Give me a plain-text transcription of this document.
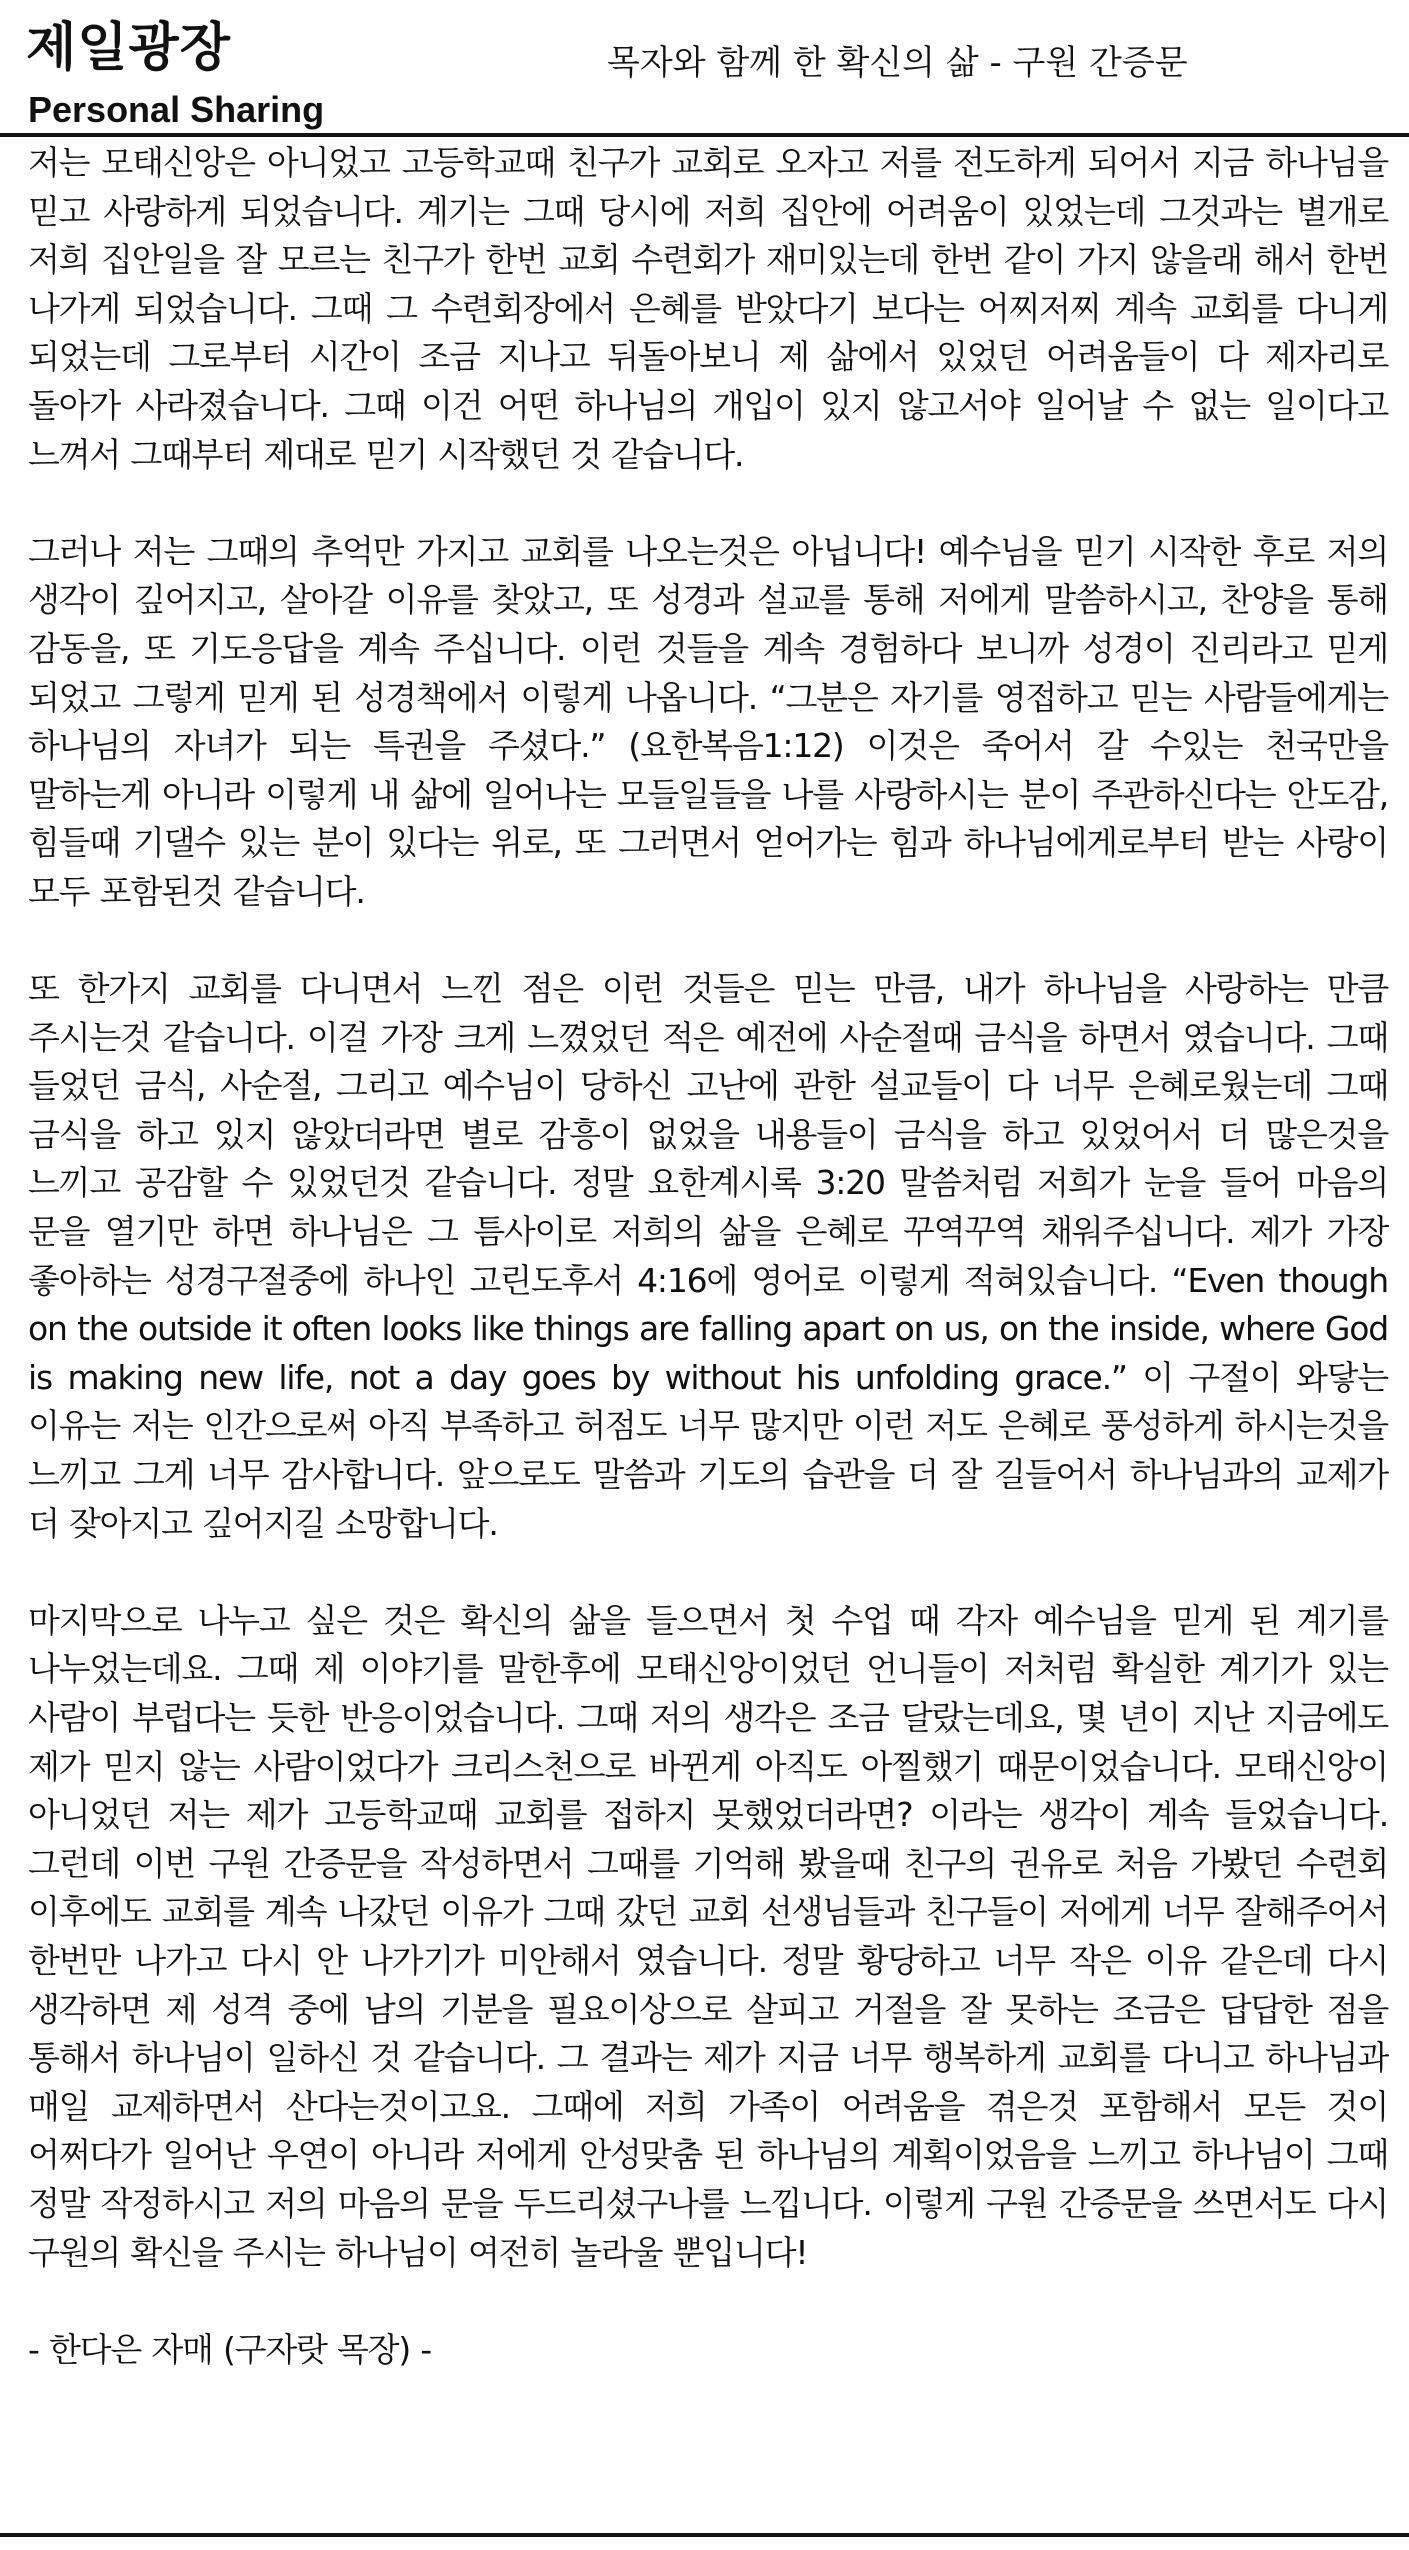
제일광장
Personal Sharing
목자와 함께 한 확신의 삶 - 구원 간증문

저는 모태신앙은 아니었고 고등학교때 친구가 교회로 오자고 저를 전도하게 되어서 지금 하나님을 믿고 사랑하게 되었습니다. 계기는 그때 당시에 저희 집안에 어려움이 있었는데 그것과는 별개로 저희 집안일을 잘 모르는 친구가 한번 교회 수련회가 재미있는데 한번 같이 가지 않을래 해서 한번 나가게 되었습니다. 그때 그 수련회장에서 은혜를 받았다기 보다는 어찌저찌 계속 교회를 다니게 되었는데 그로부터 시간이 조금 지나고 뒤돌아보니 제 삶에서 있었던 어려움들이 다 제자리로 돌아가 사라졌습니다. 그때 이건 어떤 하나님의 개입이 있지 않고서야 일어날 수 없는 일이다고 느껴서 그때부터 제대로 믿기 시작했던 것 같습니다.

그러나 저는 그때의 추억만 가지고 교회를 나오는것은 아닙니다! 예수님을 믿기 시작한 후로 저의 생각이 깊어지고, 살아갈 이유를 찾았고, 또 성경과 설교를 통해 저에게 말씀하시고, 찬양을 통해 감동을, 또 기도응답을 계속 주십니다. 이런 것들을 계속 경험하다 보니까 성경이 진리라고 믿게 되었고 그렇게 믿게 된 성경책에서 이렇게 나옵니다. “그분은 자기를 영접하고 믿는 사람들에게는 하나님의 자녀가 되는 특권을 주셨다.” (요한복음1:12) 이것은 죽어서 갈 수있는 천국만을 말하는게 아니라 이렇게 내 삶에 일어나는 모들일들을 나를 사랑하시는 분이 주관하신다는 안도감, 힘들때 기댈수 있는 분이 있다는 위로, 또 그러면서 얻어가는 힘과 하나님에게로부터 받는 사랑이 모두 포함된것 같습니다.

또 한가지 교회를 다니면서 느낀 점은 이런 것들은 믿는 만큼, 내가 하나님을 사랑하는 만큼 주시는것 같습니다. 이걸 가장 크게 느꼈었던 적은 예전에 사순절때 금식을 하면서 였습니다. 그때 들었던 금식, 사순절, 그리고 예수님이 당하신 고난에 관한 설교들이 다 너무 은혜로웠는데 그때 금식을 하고 있지 않았더라면 별로 감흥이 없었을 내용들이 금식을 하고 있었어서 더 많은것을 느끼고 공감할 수 있었던것 같습니다. 정말 요한계시록 3:20 말씀처럼 저희가 눈을 들어 마음의 문을 열기만 하면 하나님은 그 틈사이로 저희의 삶을 은혜로 꾸역꾸역 채워주십니다. 제가 가장 좋아하는 성경구절중에 하나인 고린도후서 4:16에 영어로 이렇게 적혀있습니다. “Even though on the outside it often looks like things are falling apart on us, on the inside, where God is making new life, not a day goes by without his unfolding grace.” 이 구절이 와닿는 이유는 저는 인간으로써 아직 부족하고 허점도 너무 많지만 이런 저도 은혜로 풍성하게 하시는것을 느끼고 그게 너무 감사합니다. 앞으로도 말씀과 기도의 습관을 더 잘 길들어서 하나님과의 교제가 더 잦아지고 깊어지길 소망합니다.

마지막으로 나누고 싶은 것은 확신의 삶을 들으면서 첫 수업 때 각자 예수님을 믿게 된 계기를 나누었는데요. 그때 제 이야기를 말한후에 모태신앙이었던 언니들이 저처럼 확실한 계기가 있는 사람이 부럽다는 듯한 반응이었습니다. 그때 저의 생각은 조금 달랐는데요, 몇 년이 지난 지금에도 제가 믿지 않는 사람이었다가 크리스천으로 바뀐게 아직도 아찔했기 때문이었습니다. 모태신앙이 아니었던 저는 제가 고등학교때 교회를 접하지 못했었더라면? 이라는 생각이 계속 들었습니다. 그런데 이번 구원 간증문을 작성하면서 그때를 기억해 봤을때 친구의 권유로 처음 가봤던 수련회 이후에도 교회를 계속 나갔던 이유가 그때 갔던 교회 선생님들과 친구들이 저에게 너무 잘해주어서 한번만 나가고 다시 안 나가기가 미안해서 였습니다. 정말 황당하고 너무 작은 이유 같은데 다시 생각하면 제 성격 중에 남의 기분을 필요이상으로 살피고 거절을 잘 못하는 조금은 답답한 점을 통해서 하나님이 일하신 것 같습니다. 그 결과는 제가 지금 너무 행복하게 교회를 다니고 하나님과 매일 교제하면서 산다는것이고요. 그때에 저희 가족이 어려움을 겪은것 포함해서 모든 것이 어쩌다가 일어난 우연이 아니라 저에게 안성맞춤 된 하나님의 계획이었음을 느끼고 하나님이 그때 정말 작정하시고 저의 마음의 문을 두드리셨구나를 느낍니다. 이렇게 구원 간증문을 쓰면서도 다시 구원의 확신을 주시는 하나님이 여전히 놀라울 뿐입니다!

- 한다은 자매 (구자랏 목장) -
